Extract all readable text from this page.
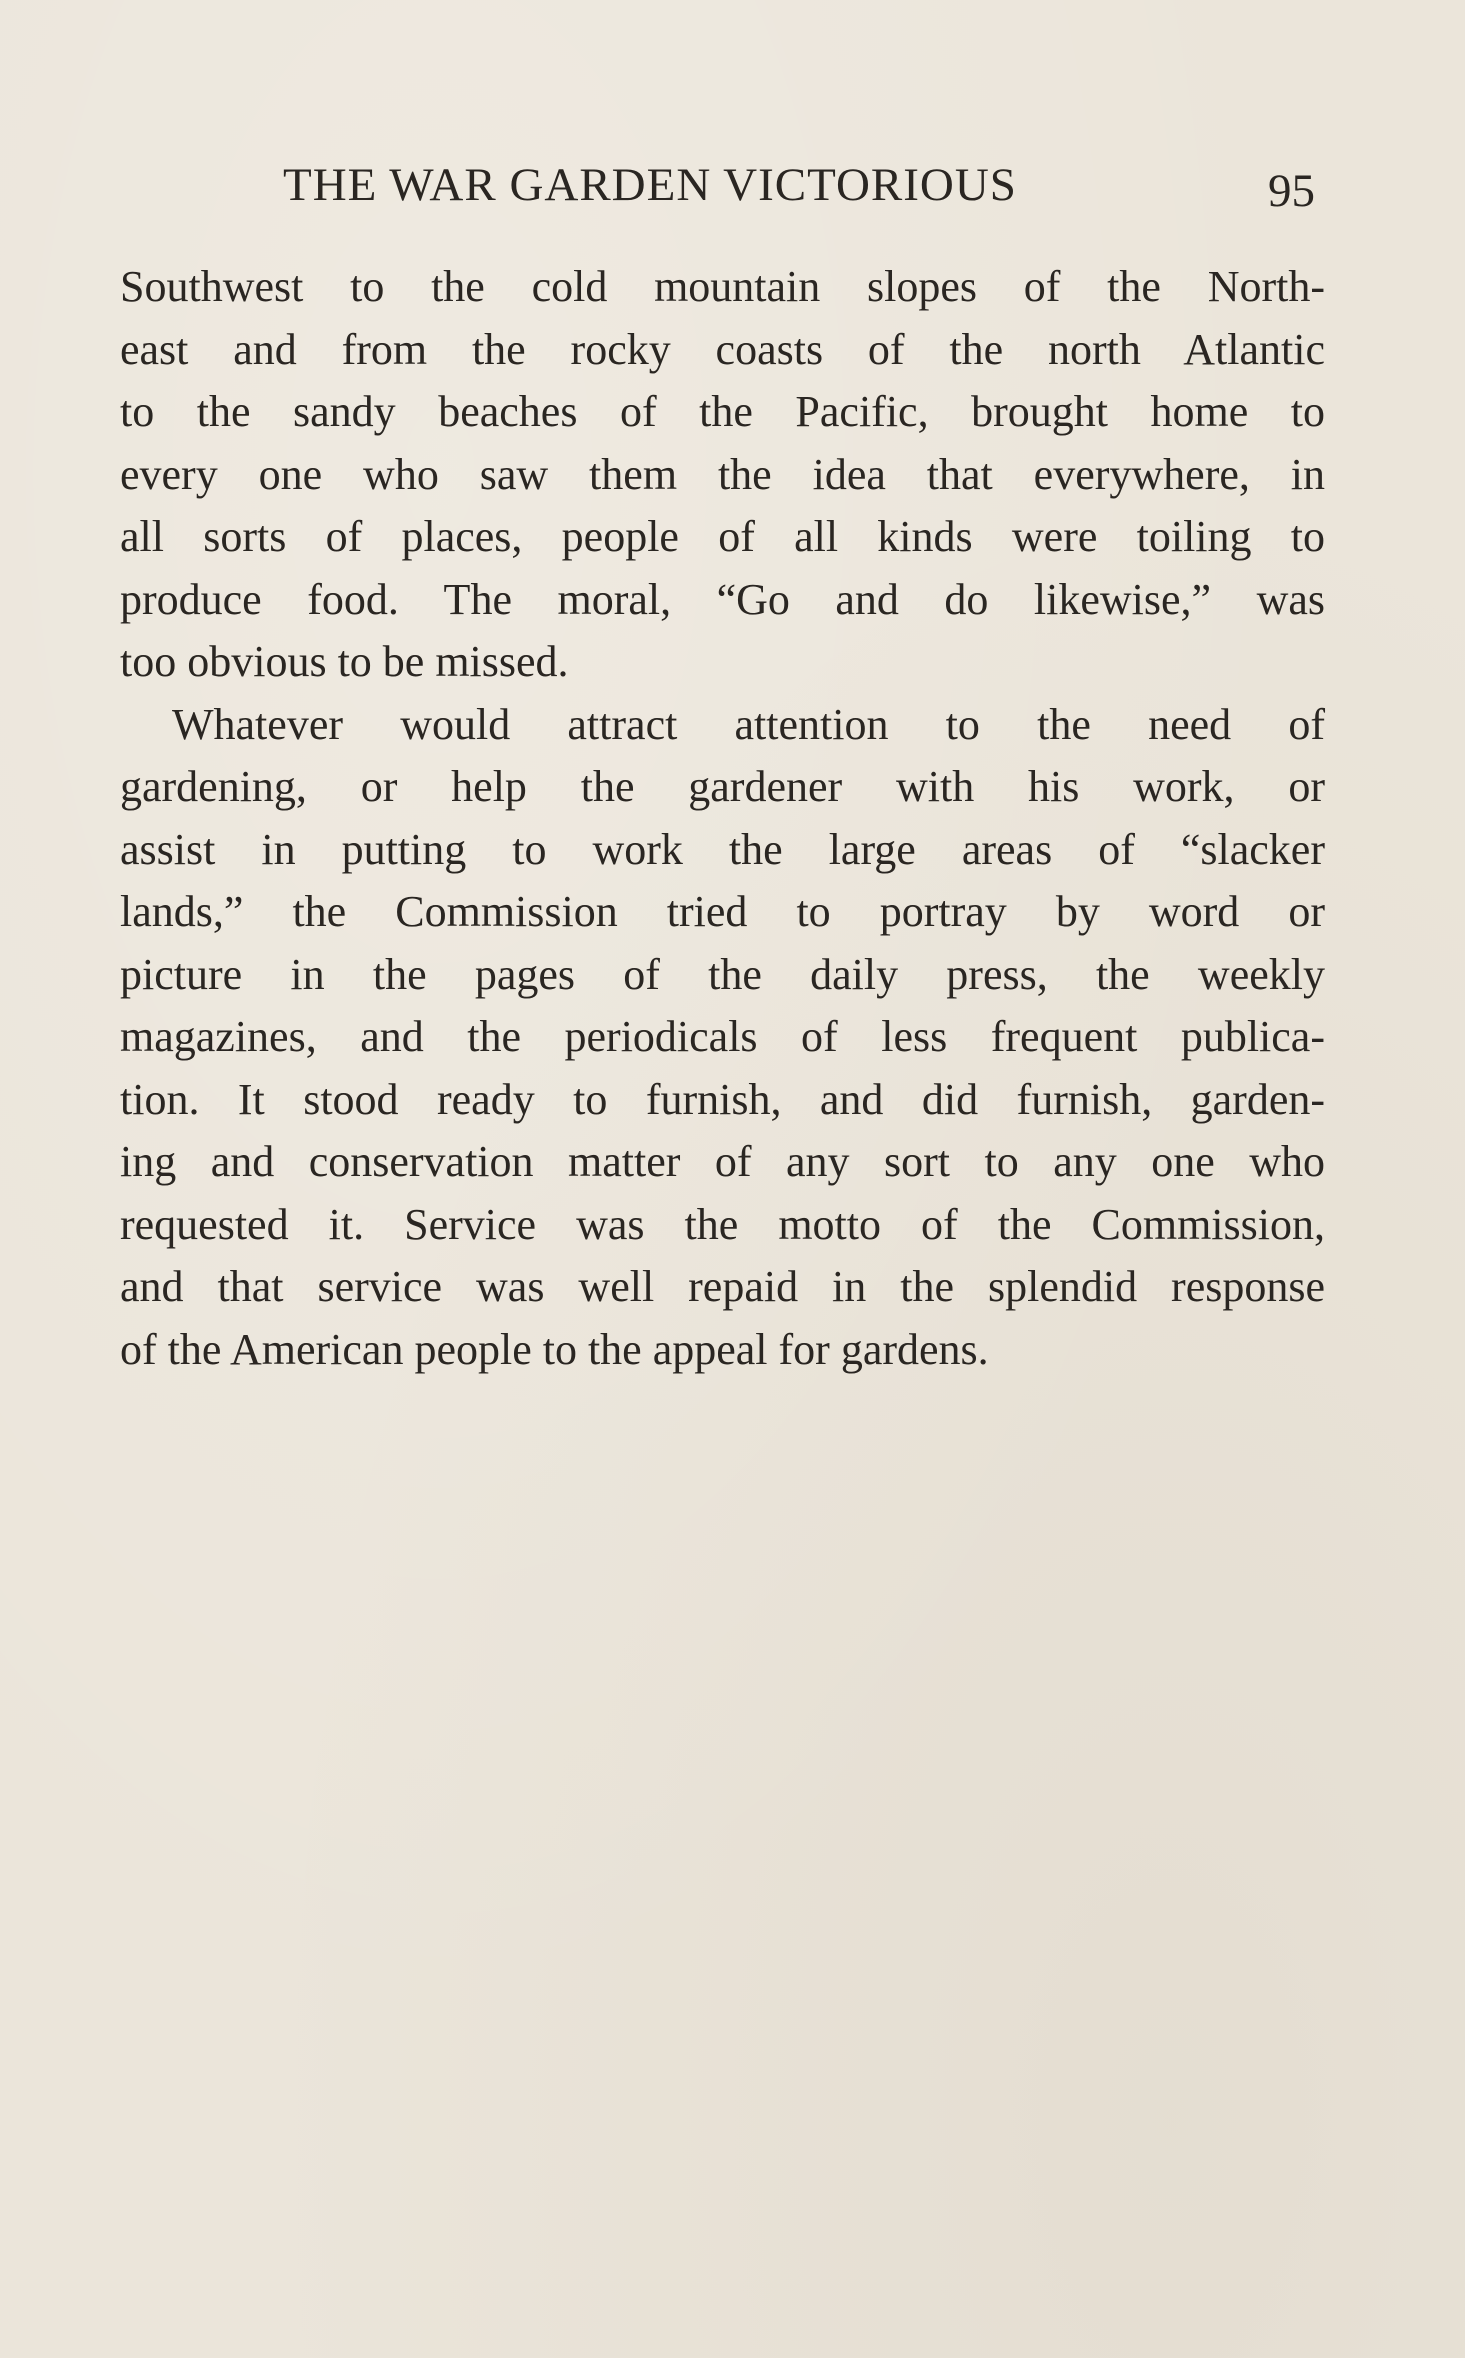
THE WAR GARDEN VICTORIOUS	95
Southwest to the cold mountain slopes of the North-
east and from the rocky coasts of the north Atlantic
to the sandy beaches of the Pacific, brought home to
every one who saw them the idea that everywhere, in
all sorts of places, people of all kinds were toiling to
produce food. The moral, “Go and do likewise,” was
too obvious to be missed.
Whatever would attract attention to the need of
gardening, or help the gardener with his work, or
assist in putting to work the large areas of “slacker
lands,” the Commission tried to portray by word or
picture in the pages of the daily press, the weekly
magazines, and the periodicals of less frequent publica-
tion. It stood ready to furnish, and did furnish, garden-
ing and conservation matter of any sort to any one who
requested it. Service was the motto of the Commission,
and that service was well repaid in the splendid response
of the American people to the appeal for gardens.
